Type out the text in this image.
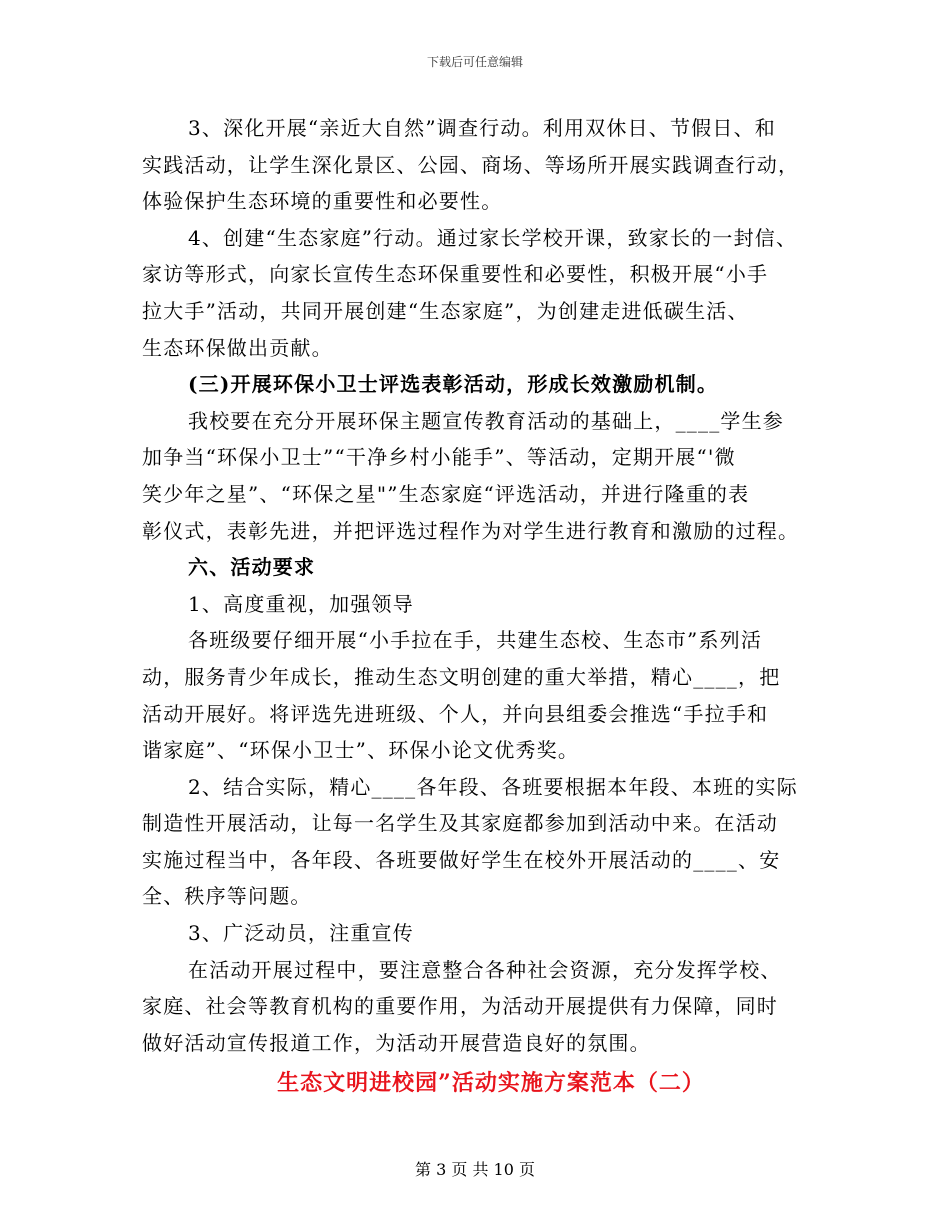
下载后可任意编辑

3、深化开展“亲近大自然”调查行动。利用双休日、节假日、和
实践活动，让学生深化景区、公园、商场、等场所开展实践调查行动，
体验保护生态环境的重要性和必要性。

4、创建“生态家庭”行动。通过家长学校开课，致家长的一封信、
家访等形式，向家长宣传生态环保重要性和必要性，积极开展“小手
拉大手”活动，共同开展创建“生态家庭”，为创建走进低碳生活、
生态环保做出贡献。

(三)开展环保小卫士评选表彰活动，形成长效激励机制。

我校要在充分开展环保主题宣传教育活动的基础上，____学生参
加争当“环保小卫士”“干净乡村小能手”、等活动，定期开展“'微
笑少年之星”、“环保之星"”生态家庭“评选活动，并进行隆重的表
彰仪式，表彰先进，并把评选过程作为对学生进行教育和激励的过程。

六、活动要求

1、高度重视，加强领导

各班级要仔细开展“小手拉在手，共建生态校、生态市”系列活
动，服务青少年成长，推动生态文明创建的重大举措，精心____，把
活动开展好。将评选先进班级、个人，并向县组委会推选“手拉手和
谐家庭”、“环保小卫士”、环保小论文优秀奖。

2、结合实际，精心____各年段、各班要根据本年段、本班的实际
制造性开展活动，让每一名学生及其家庭都参加到活动中来。在活动
实施过程当中，各年段、各班要做好学生在校外开展活动的____、安
全、秩序等问题。

3、广泛动员，注重宣传

在活动开展过程中，要注意整合各种社会资源，充分发挥学校、
家庭、社会等教育机构的重要作用，为活动开展提供有力保障，同时
做好活动宣传报道工作，为活动开展营造良好的氛围。

生态文明进校园”活动实施方案范本（二）
第 3 页 共 10 页
